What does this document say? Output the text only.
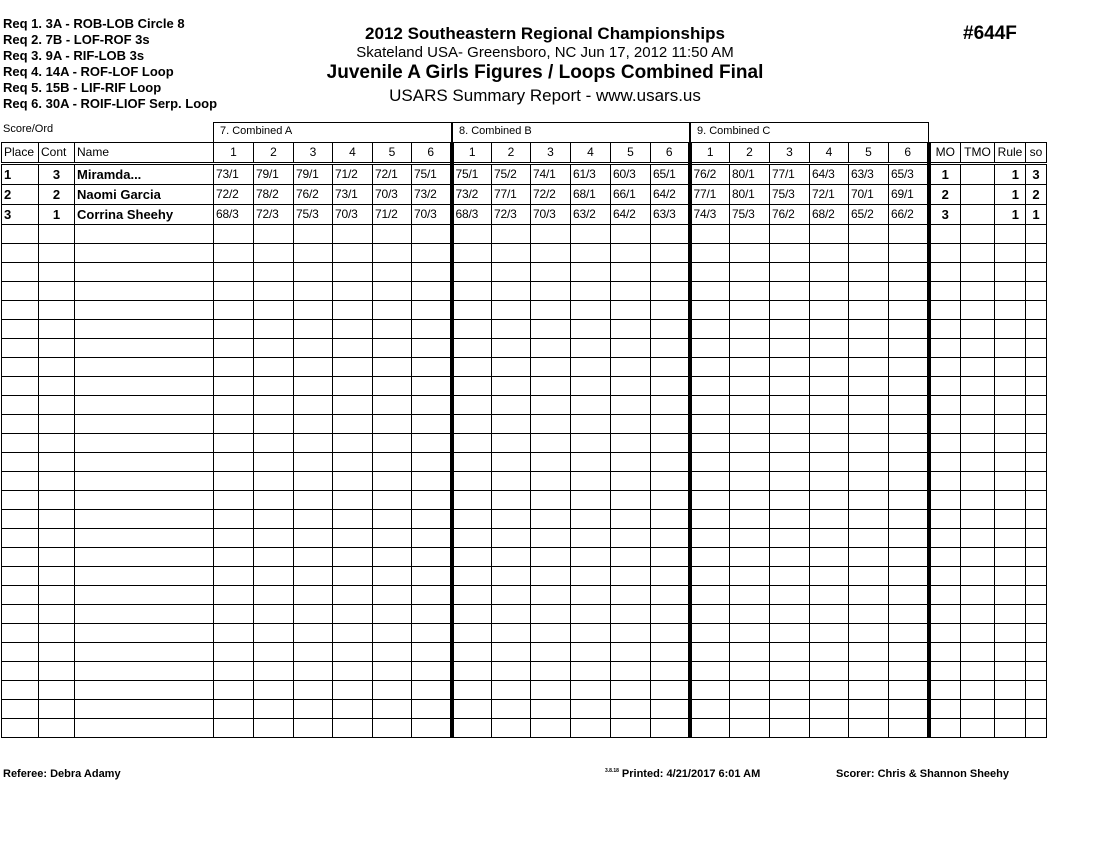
Req 1. 3A - ROB-LOB Circle 8
Req 2. 7B - LOF-ROF 3s
Req 3. 9A - RIF-LOB 3s
Req 4. 14A - ROF-LOF Loop
Req 5. 15B - LIF-RIF Loop
Req 6. 30A - ROIF-LIOF Serp. Loop
2012 Southeastern Regional Championships
Skateland USA- Greensboro, NC Jun 17, 2012 11:50 AM
Juvenile A Girls Figures / Loops Combined Final
USARS Summary Report - www.usars.us
#644F
Score/Ord	7. Combined A	8. Combined B	9. Combined C
Place	Cont	Name	1	2	3	4	5	6	1	2	3	4	5	6	1	2	3	4	5	6	MO	TMO	Rule	so
1	3	Miramda...	73/1	79/1	79/1	71/2	72/1	75/1	75/1	75/2	74/1	61/3	60/3	65/1	76/2	80/1	77/1	64/3	63/3	65/3	1		1	3
2	2	Naomi Garcia	72/2	78/2	76/2	73/1	70/3	73/2	73/2	77/1	72/2	68/1	66/1	64/2	77/1	80/1	75/3	72/1	70/1	69/1	2		1	2
3	1	Corrina Sheehy	68/3	72/3	75/3	70/3	71/2	70/3	68/3	72/3	70/3	63/2	64/2	63/3	74/3	75/3	76/2	68/2	65/2	66/2	3		1	1

Referee: Debra Adamy	$^{3.8.18}$ Printed: 4/21/2017 6:01 AM	Scorer: Chris & Shannon Sheehy
